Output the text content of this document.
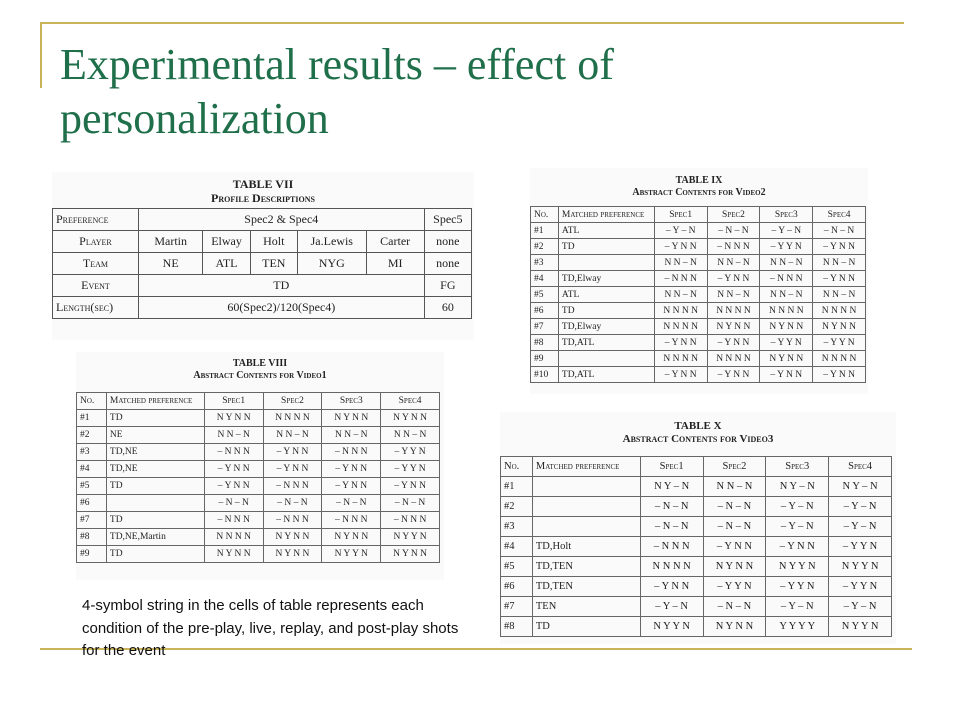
Experimental results – effect of personalization
TABLE VII
Profile Descriptions
Preference	Spec2 & Spec4					Spec5
Player	Martin	Elway	Holt	Ja.Lewis	Carter	none
Team	NE	ATL	TEN	NYG	MI	none
Event	TD					FG
Length(sec)	60(Spec2)/120(Spec4)					60
TABLE IX
Abstract Contents for Video2
No.	Matched preference	Spec1	Spec2	Spec3	Spec4
#1	ATL	– Y – N	– N – N	– Y – N	– N – N
#2	TD	– Y N N	– N N N	– Y Y N	– Y N N
#3		N N – N	N N – N	N N – N	N N – N
#4	TD,Elway	– N N N	– Y N N	– N N N	– Y N N
#5	ATL	N N – N	N N – N	N N – N	N N – N
#6	TD	N N N N	N N N N	N N N N	N N N N
#7	TD,Elway	N N N N	N Y N N	N Y N N	N Y N N
#8	TD,ATL	– Y N N	– Y N N	– Y Y N	– Y Y N
#9		N N N N	N N N N	N Y N N	N N N N
#10	TD,ATL	– Y N N	– Y N N	– Y N N	– Y N N
TABLE VIII
Abstract Contents for Video1
No.	Matched preference	Spec1	Spec2	Spec3	Spec4
#1	TD	N Y N N	N N N N	N Y N N	N Y N N
#2	NE	N N – N	N N – N	N N – N	N N – N
#3	TD,NE	– N N N	– Y N N	– N N N	– Y Y N
#4	TD,NE	– Y N N	– Y N N	– Y N N	– Y Y N
#5	TD	– Y N N	– N N N	– Y N N	– Y N N
#6		– N – N	– N – N	– N – N	– N – N
#7	TD	– N N N	– N N N	– N N N	– N N N
#8	TD,NE,Martin	N N N N	N Y N N	N Y N N	N Y Y N
#9	TD	N Y N N	N Y N N	N Y Y N	N Y N N
TABLE X
Abstract Contents for Video3
No.	Matched preference	Spec1	Spec2	Spec3	Spec4
#1		N Y – N	N N – N	N Y – N	N Y – N
#2		– N – N	– N – N	– Y – N	– Y – N
#3		– N – N	– N – N	– Y – N	– Y – N
#4	TD,Holt	– N N N	– Y N N	– Y N N	– Y Y N
#5	TD,TEN	N N N N	N Y N N	N Y Y N	N Y Y N
#6	TD,TEN	– Y N N	– Y Y N	– Y Y N	– Y Y N
#7	TEN	– Y – N	– N – N	– Y – N	– Y – N
#8	TD	N Y Y N	N Y N N	Y Y Y Y	N Y Y N
4-symbol string in the cells of table represents each condition of the pre-play, live, replay, and post-play shots for the event
